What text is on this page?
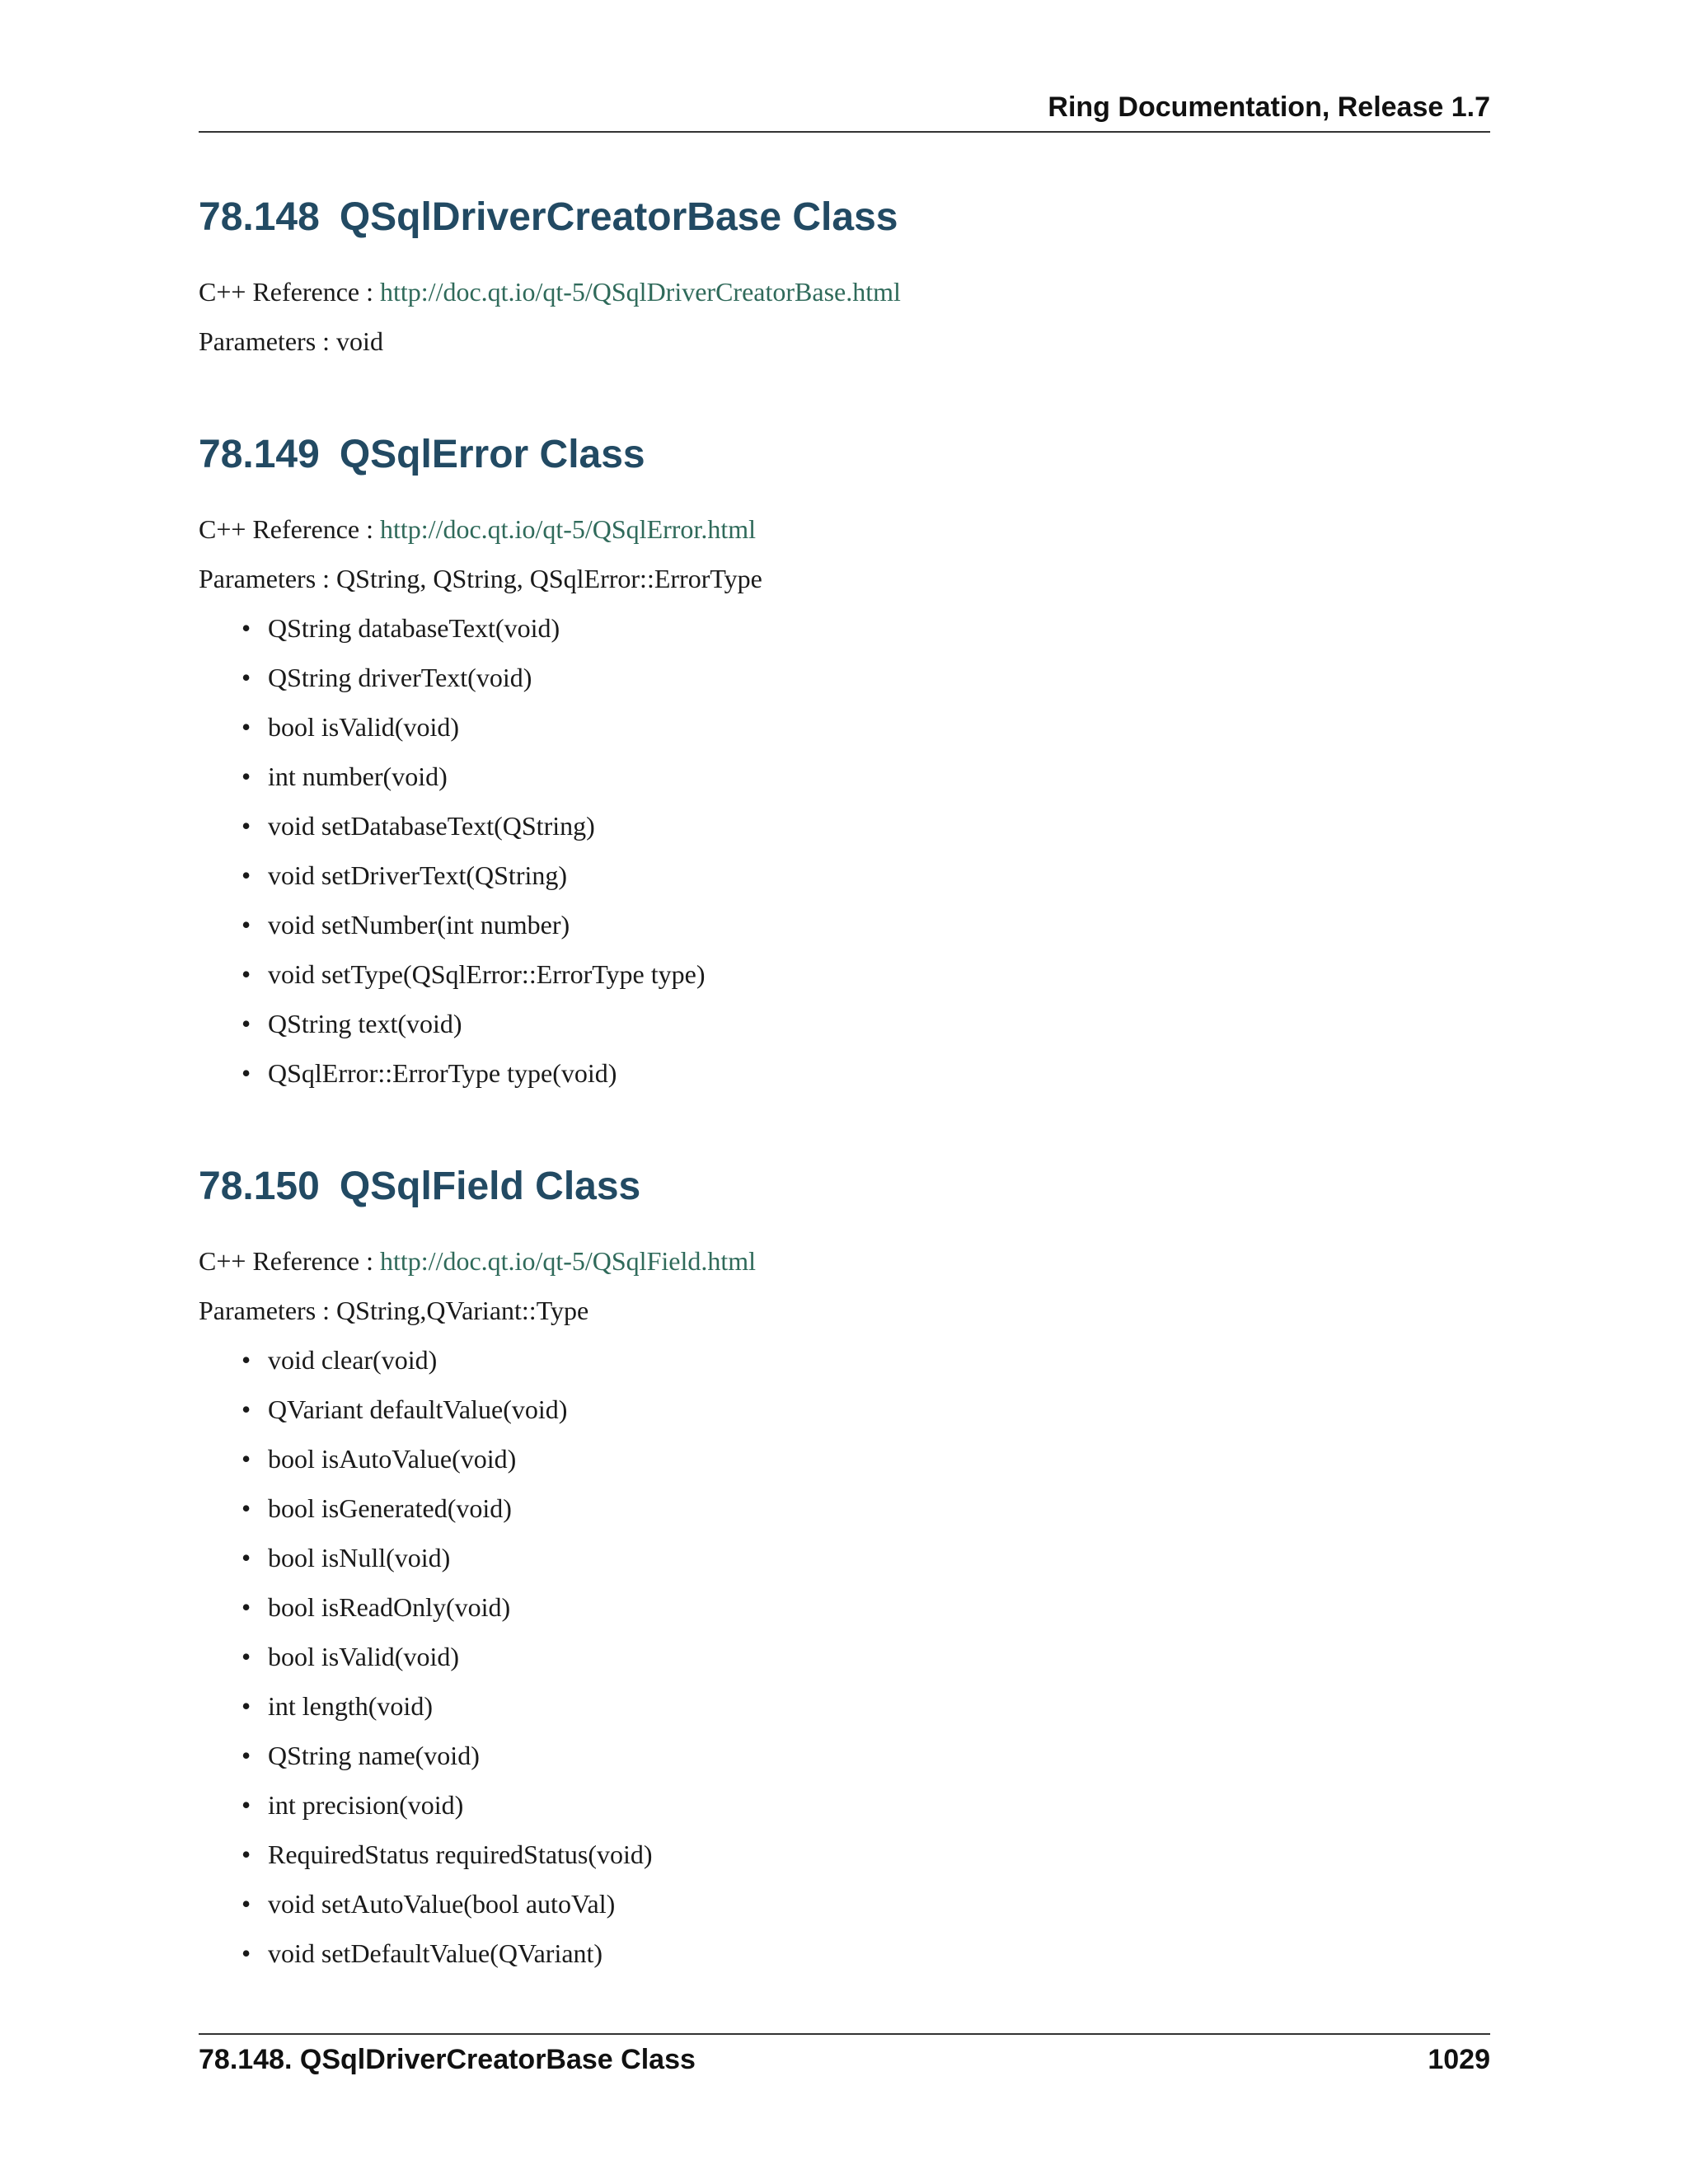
Ring Documentation, Release 1.7
78.148 QSqlDriverCreatorBase Class

C++ Reference : http://doc.qt.io/qt-5/QSqlDriverCreatorBase.html

Parameters : void

78.149 QSqlError Class

C++ Reference : http://doc.qt.io/qt-5/QSqlError.html

Parameters : QString, QString, QSqlError::ErrorType

• QString databaseText(void)
• QString driverText(void)
• bool isValid(void)
• int number(void)
• void setDatabaseText(QString)
• void setDriverText(QString)
• void setNumber(int number)
• void setType(QSqlError::ErrorType type)
• QString text(void)
• QSqlError::ErrorType type(void)
78.150 QSqlField Class

C++ Reference : http://doc.qt.io/qt-5/QSqlField.html

Parameters : QString,QVariant::Type

• void clear(void)
• QVariant defaultValue(void)
• bool isAutoValue(void)
• bool isGenerated(void)
• bool isNull(void)
• bool isReadOnly(void)
• bool isValid(void)
• int length(void)
• QString name(void)
• int precision(void)
• RequiredStatus requiredStatus(void)
• void setAutoValue(bool autoVal)
• void setDefaultValue(QVariant)
78.148. QSqlDriverCreatorBase Class	1029
